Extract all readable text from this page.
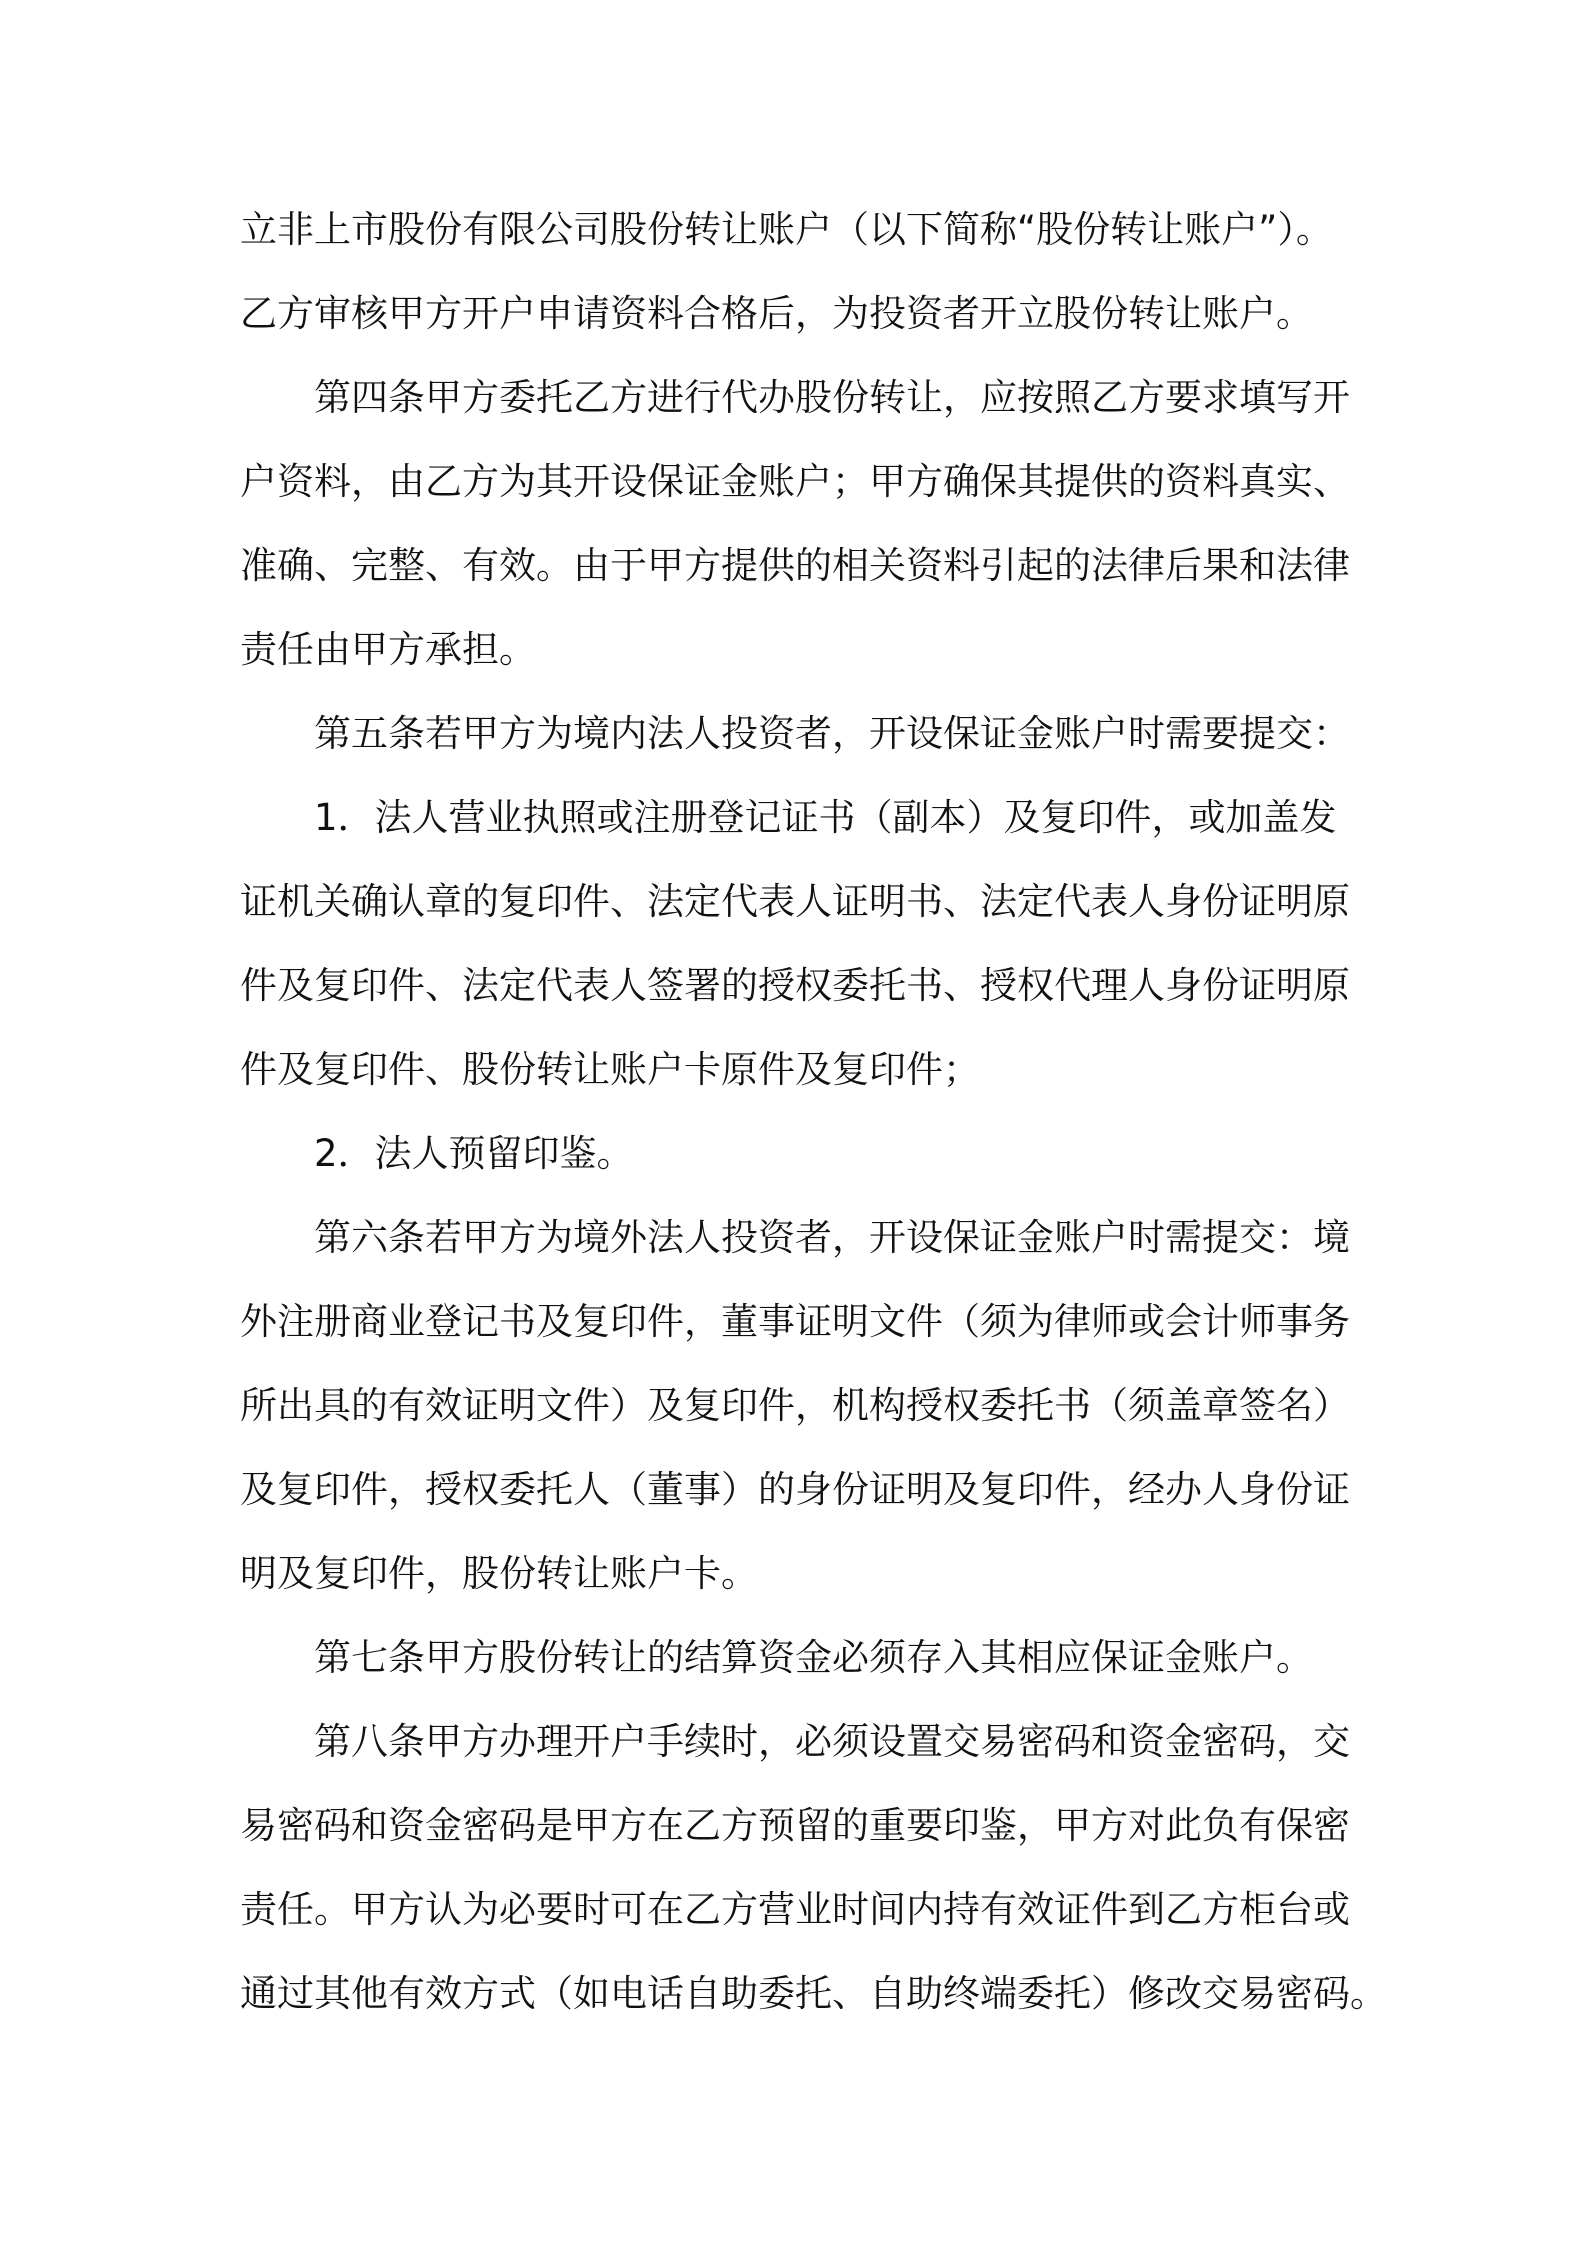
立非上市股份有限公司股份转让账户（以下简称“股份转让账户”）。
乙方审核甲方开户申请资料合格后，为投资者开立股份转让账户。
第四条甲方委托乙方进行代办股份转让，应按照乙方要求填写开
户资料，由乙方为其开设保证金账户；甲方确保其提供的资料真实、
准确、完整、有效。由于甲方提供的相关资料引起的法律后果和法律
责任由甲方承担。
第五条若甲方为境内法人投资者，开设保证金账户时需要提交：
1．法人营业执照或注册登记证书（副本）及复印件，或加盖发
证机关确认章的复印件、法定代表人证明书、法定代表人身份证明原
件及复印件、法定代表人签署的授权委托书、授权代理人身份证明原
件及复印件、股份转让账户卡原件及复印件；
2．法人预留印鉴。
第六条若甲方为境外法人投资者，开设保证金账户时需提交：境
外注册商业登记书及复印件，董事证明文件（须为律师或会计师事务
所出具的有效证明文件）及复印件，机构授权委托书（须盖章签名）
及复印件，授权委托人（董事）的身份证明及复印件，经办人身份证
明及复印件，股份转让账户卡。
第七条甲方股份转让的结算资金必须存入其相应保证金账户。
第八条甲方办理开户手续时，必须设置交易密码和资金密码，交
易密码和资金密码是甲方在乙方预留的重要印鉴，甲方对此负有保密
责任。甲方认为必要时可在乙方营业时间内持有效证件到乙方柜台或
通过其他有效方式（如电话自助委托、自助终端委托）修改交易密码。
